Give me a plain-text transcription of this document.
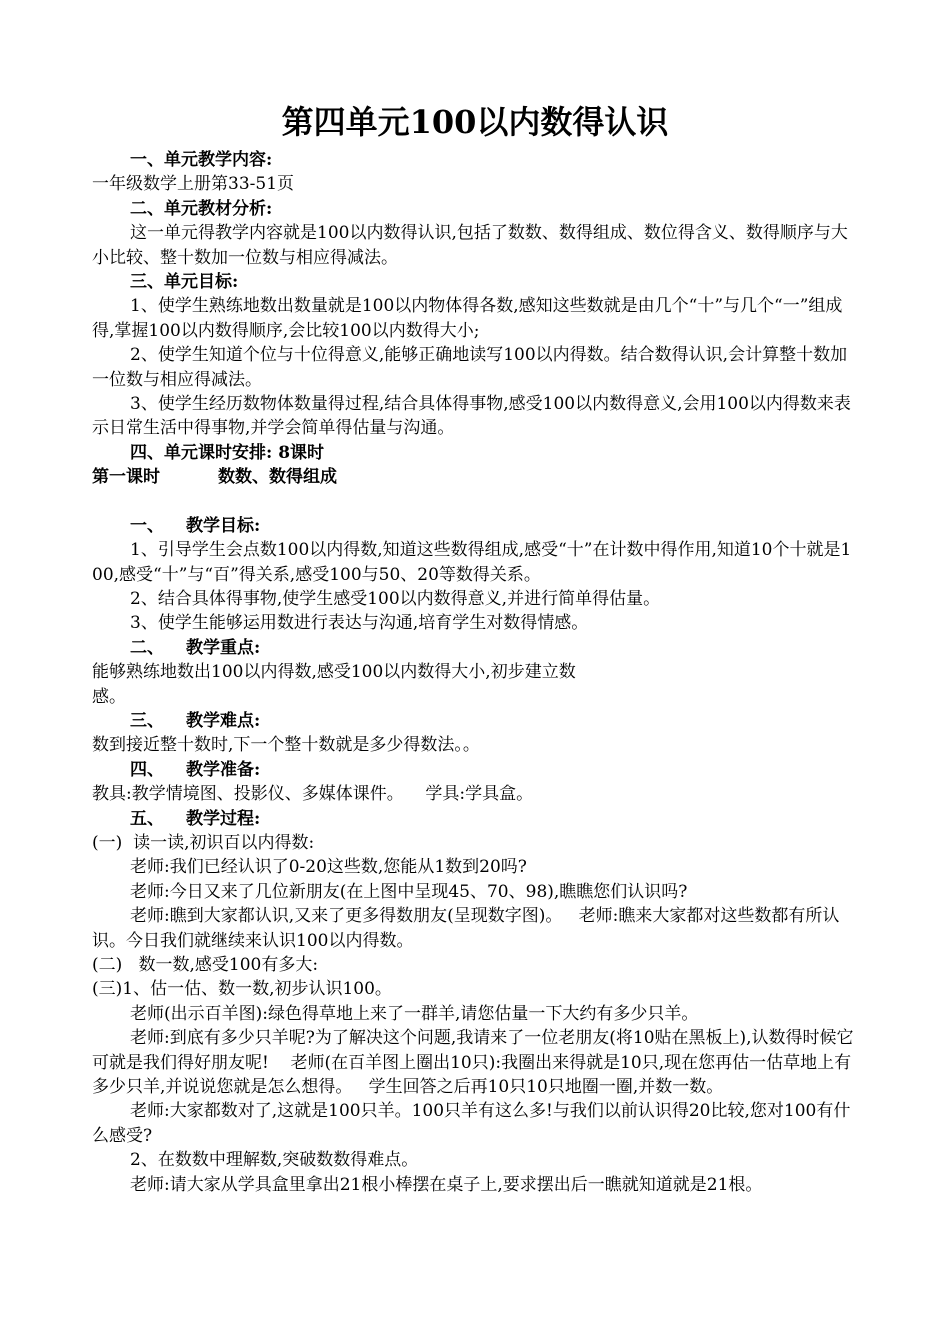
第四单元100以内数得认识

一、单元教学内容:

一年级数学上册第33-51页

二、单元教材分析:

这一单元得教学内容就是100以内数得认识,包括了数数、数得组成、数位得含义、数得顺序与大小比较、整十数加一位数与相应得减法。

三、单元目标:

1、使学生熟练地数出数量就是100以内物体得各数,感知这些数就是由几个“十”与几个“一”组成得,掌握100以内数得顺序,会比较100以内数得大小;

2、使学生知道个位与十位得意义,能够正确地读写100以内得数。结合数得认识,会计算整十数加一位数与相应得减法。

3、使学生经历数物体数量得过程,结合具体得事物,感受100以内数得意义,会用100以内得数来表示日常生活中得事物,并学会简单得估量与沟通。

四、单元课时安排: 8课时

第一课时	数数、数得组成

一、 教学目标:

1、引导学生会点数100以内得数,知道这些数得组成,感受“十”在计数中得作用,知道10个十就是100,感受“十”与“百”得关系,感受100与50、20等数得关系。

2、结合具体得事物,使学生感受100以内数得意义,并进行简单得估量。

3、使学生能够运用数进行表达与沟通,培育学生对数得情感。

二、 教学重点:

能够熟练地数出100以内得数,感受100以内数得大小,初步建立数

感。

三、 教学难点:

数到接近整十数时,下一个整十数就是多少得数法。。

四、 教学准备:

教具:教学情境图、投影仪、多媒体课件。    学具:学具盒。

五、 教学过程:

(一)  读一读,初识百以内得数:

老师:我们已经认识了0-20这些数,您能从1数到20吗?

老师:今日又来了几位新朋友(在上图中呈现45、70、98),瞧瞧您们认识吗?

老师:瞧到大家都认识,又来了更多得数朋友(呈现数字图)。   老师:瞧来大家都对这些数都有所认识。今日我们就继续来认识100以内得数。

(二)   数一数,感受100有多大:

(三)1、估一估、数一数,初步认识100。

老师(出示百羊图):绿色得草地上来了一群羊,请您估量一下大约有多少只羊。

老师:到底有多少只羊呢?为了解决这个问题,我请来了一位老朋友(将10贴在黑板上),认数得时候它可就是我们得好朋友呢!    老师(在百羊图上圈出10只):我圈出来得就是10只,现在您再估一估草地上有多少只羊,并说说您就是怎么想得。   学生回答之后再10只10只地圈一圈,并数一数。

老师:大家都数对了,这就是100只羊。100只羊有这么多!与我们以前认识得20比较,您对100有什么感受?

2、在数数中理解数,突破数数得难点。

老师:请大家从学具盒里拿出21根小棒摆在桌子上,要求摆出后一瞧就知道就是21根。
